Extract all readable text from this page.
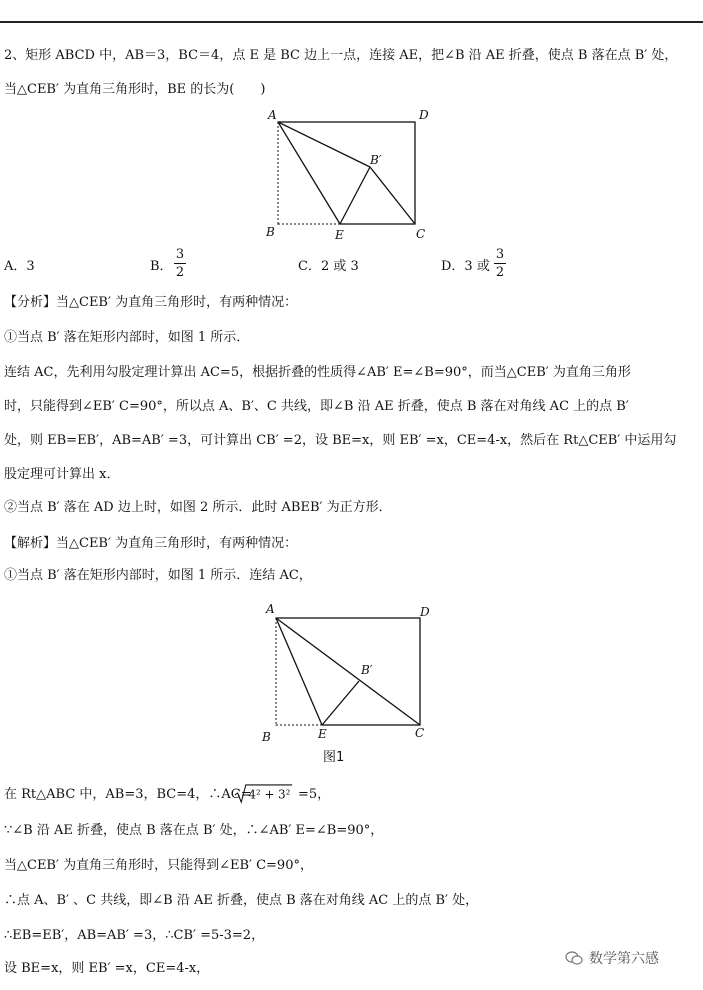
2、矩形 ABCD 中，AB＝3，BC＝4，点 E 是 BC 边上一点，连接 AE，把∠B 沿 AE 折叠，使点 B 落在点 B′ 处，
当△CEB′ 为直角三角形时，BE 的长为(　　)
A	D
B	E	C
B′
A．3	B．
3
2	C．2 或 3	D．3 或
3
2
【分析】当△CEB′ 为直角三角形时，有两种情况：
①当点 B′ 落在矩形内部时，如图 1 所示．
连结 AC，先利用勾股定理计算出 AC=5，根据折叠的性质得∠AB′ E=∠B=90°，而当△CEB′ 为直角三角形
时，只能得到∠EB′ C=90°，所以点 A、B′、C 共线，即∠B 沿 AE 折叠，使点 B 落在对角线 AC 上的点 B′
处，则 EB=EB′，AB=AB′ =3，可计算出 CB′ =2，设 BE=x，则 EB′ =x，CE=4-x，然后在 Rt△CEB′ 中运用勾
股定理可计算出 x．
②当点 B′ 落在 AD 边上时，如图 2 所示．此时 ABEB′ 为正方形．
【解析】当△CEB′ 为直角三角形时，有两种情况：
①当点 B′ 落在矩形内部时，如图 1 所示．连结 AC，
A	D
B	E	C
B′
图1
在 Rt△ABC 中，AB=3，BC=4，∴AC=
4² + 3² =5，
∵∠B 沿 AE 折叠，使点 B 落在点 B′ 处，∴∠AB′ E=∠B=90°，
当△CEB′ 为直角三角形时，只能得到∠EB′ C=90°，
∴点 A、B′ 、C 共线，即∠B 沿 AE 折叠，使点 B 落在对角线 AC 上的点 B′ 处，
∴EB=EB′，AB=AB′ =3，∴CB′ =5-3=2，
设 BE=x，则 EB′ =x，CE=4-x，
数学第六感
